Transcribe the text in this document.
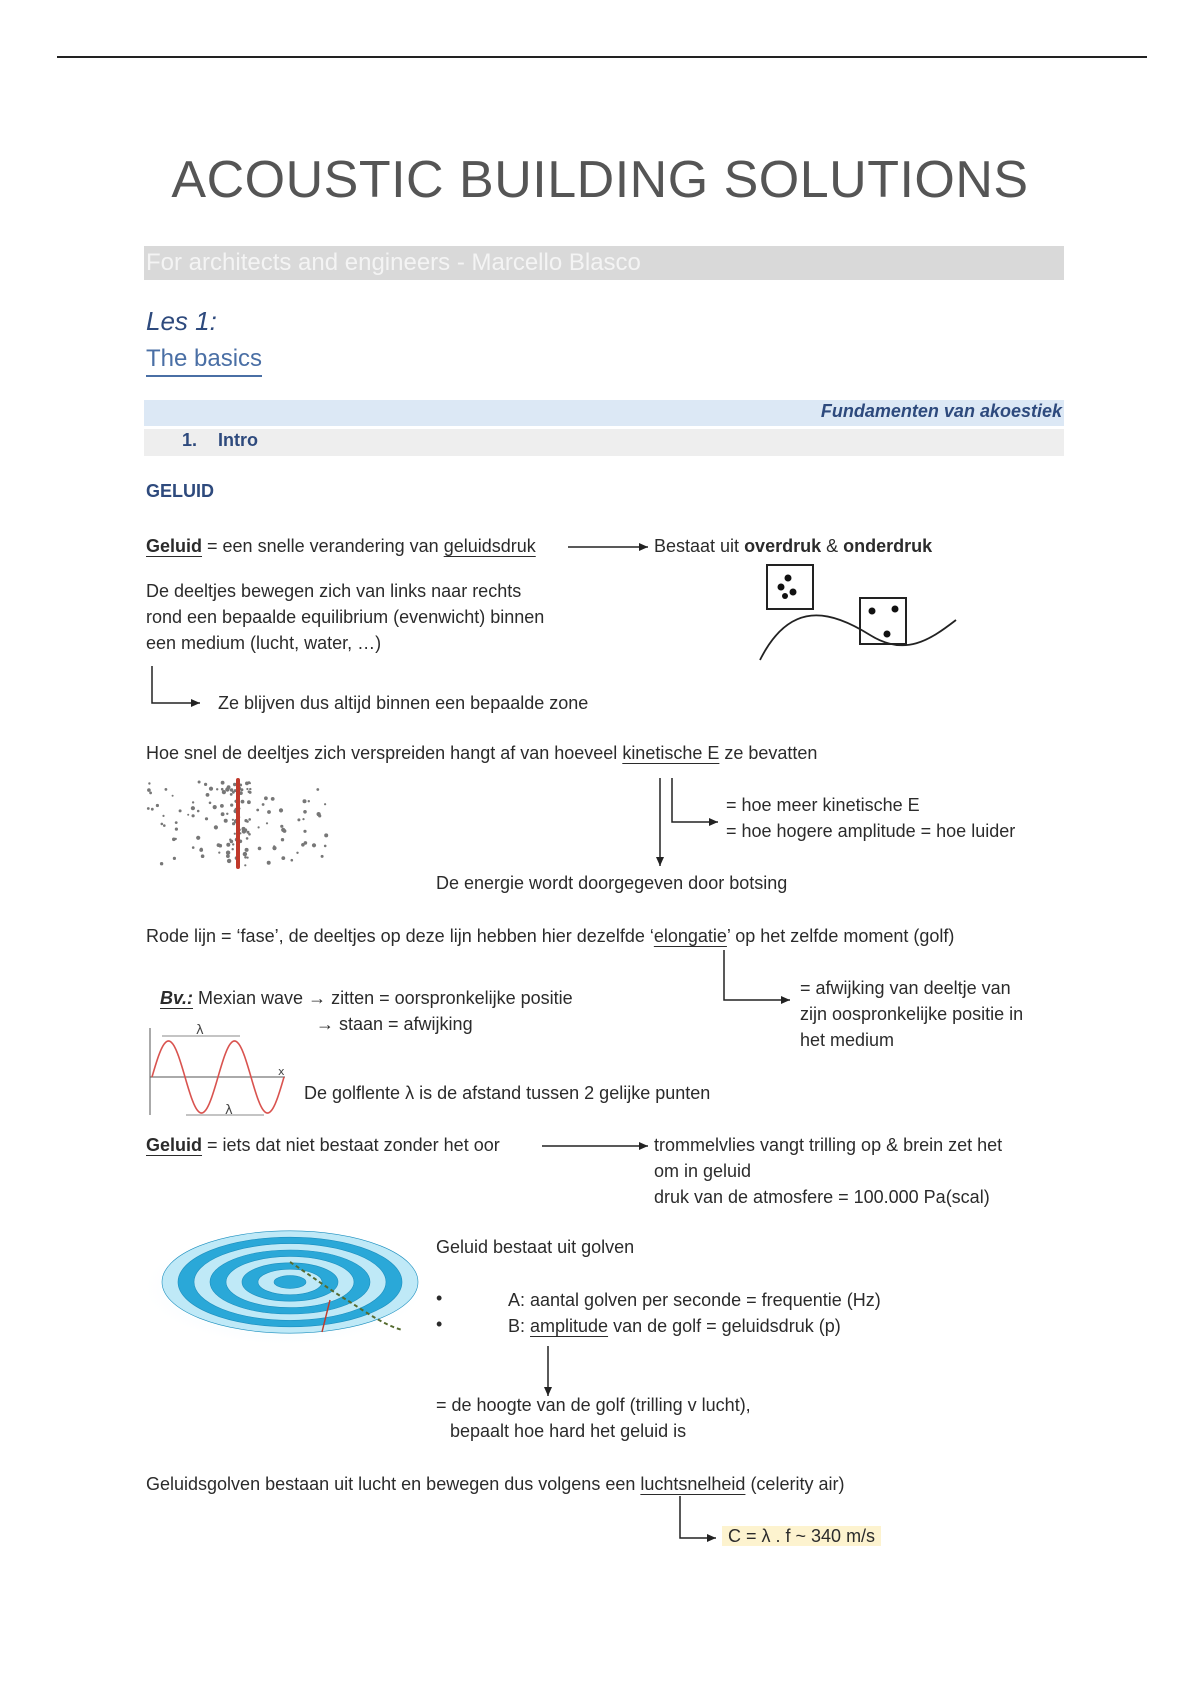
ACOUSTIC BUILDING SOLUTIONS
For architects and engineers - Marcello Blasco
Les 1:
The basics
Fundamenten van akoestiek
1. Intro
GELUID
Geluid = een snelle verandering van geluidsdruk	Bestaat uit overdruk & onderdruk
De deeltjes bewegen zich van links naar rechts
rond een bepaalde equilibrium (evenwicht) binnen
een medium (lucht, water, …)
Ze blijven dus altijd binnen een bepaalde zone
Hoe snel de deeltjes zich verspreiden hangt af van hoeveel kinetische E ze bevatten
= hoe meer kinetische E
= hoe hogere amplitude = hoe luider
De energie wordt doorgegeven door botsing
Rode lijn = ‘fase’, de deeltjes op deze lijn hebben hier dezelfde ‘elongatie’ op het zelfde moment (golf)
Bv.: Mexian wave → zitten = oorspronkelijke positie
→ staan = afwijking
= afwijking van deeltje van
zijn oospronkelijke positie in
het medium
De golflente λ is de afstand tussen 2 gelijke punten
Geluid = iets dat niet bestaat zonder het oor	trommelvlies vangt trilling op & brein zet het
om in geluid
druk van de atmosfere = 100.000 Pa(scal)
Geluid bestaat uit golven
•	A: aantal golven per seconde = frequentie (Hz)
•	B: amplitude van de golf = geluidsdruk (p)
= de hoogte van de golf (trilling v lucht),
bepaalt hoe hard het geluid is
Geluidsgolven bestaan uit lucht en bewegen dus volgens een luchtsnelheid (celerity air)
C = λ . f ~ 340 m/s
λ
λ
x
